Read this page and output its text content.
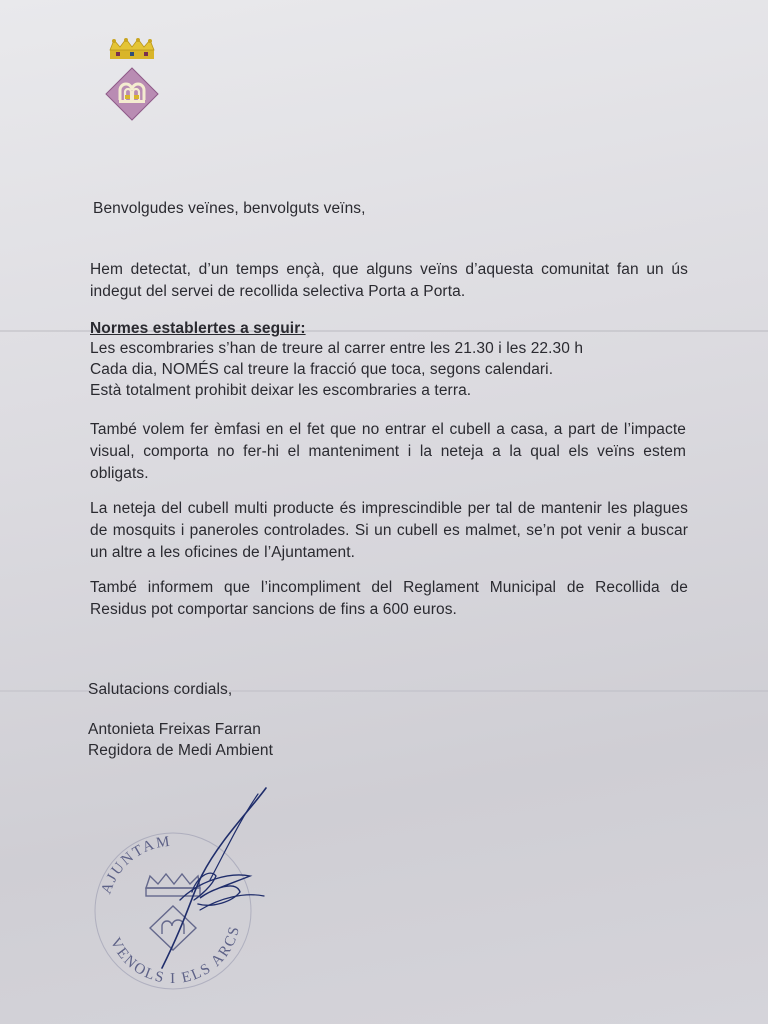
Benvolgudes veïnes, benvolguts veïns,
Hem detectat, d’un temps ençà, que alguns veïns d’aquesta comunitat fan un ús indegut del servei de recollida selectiva Porta a Porta.
Normes establertes a seguir:
Les escombraries s’han de treure al carrer entre les 21.30 i les 22.30 h
Cada dia, NOMÉS cal treure la fracció que toca, segons calendari.
Està totalment prohibit deixar les escombraries a terra.
També volem fer èmfasi en el fet que no entrar el cubell a casa, a part de l’impacte visual, comporta no fer-hi el manteniment i la neteja a la qual els veïns estem obligats.
La neteja del cubell multi producte és imprescindible per tal de mantenir les plagues de mosquits i paneroles controlades. Si un cubell es malmet, se’n pot venir a buscar un altre a les oficines de l’Ajuntament.
També informem que l’incompliment del Reglament Municipal de Recollida de Residus pot comportar sancions de fins a 600 euros.
Salutacions cordials,
Antonieta Freixas Farran
Regidora de Medi Ambient
AJUNTAM
VENOLS I ELS ARCS
